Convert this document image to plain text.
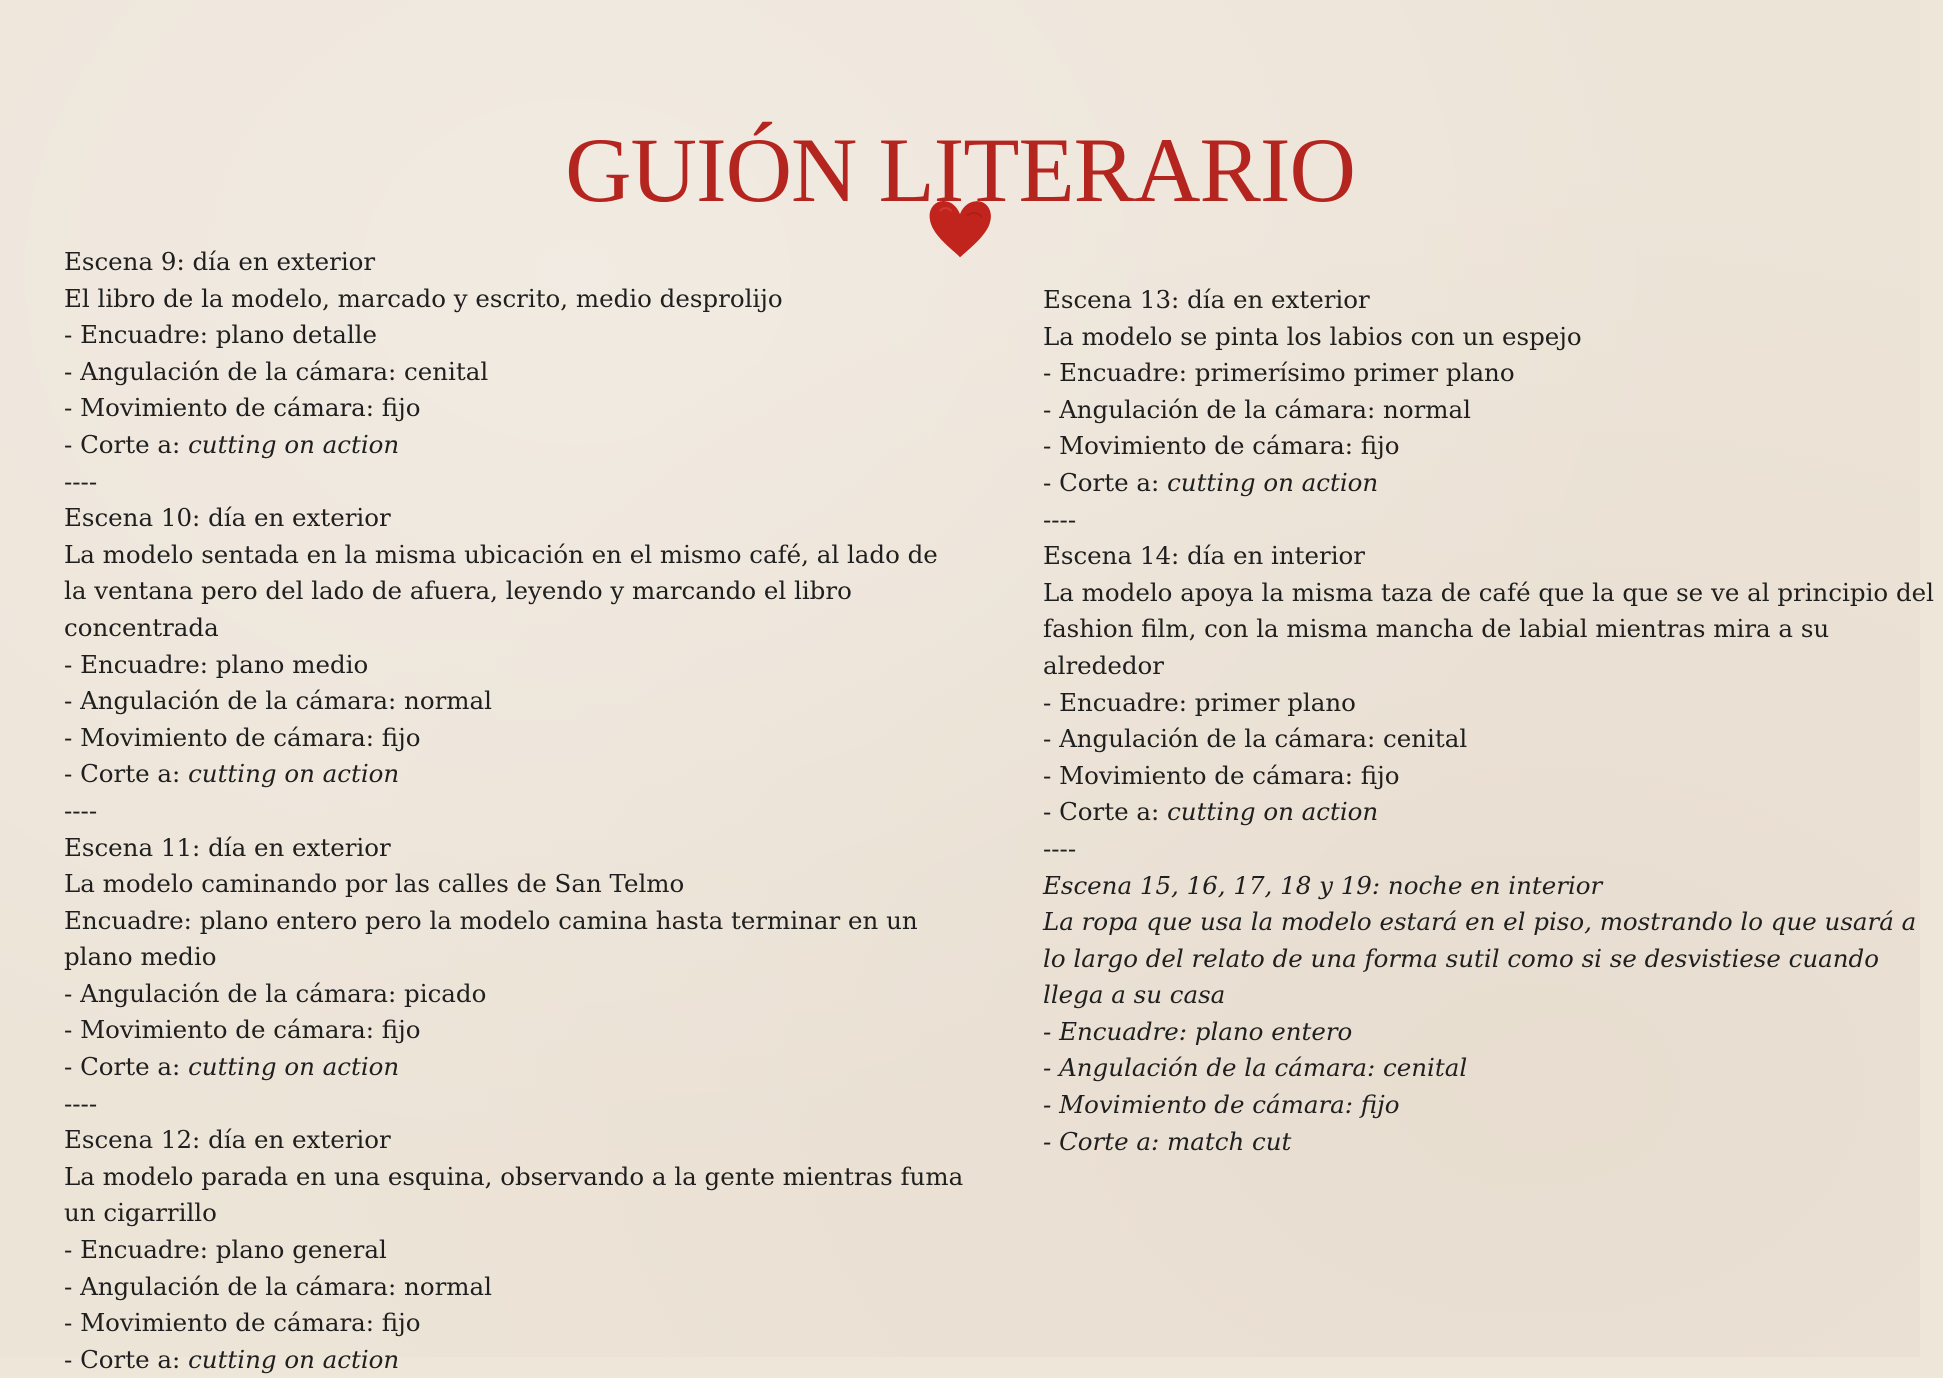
GUIÓN LITERARIO
Escena 9: día en exterior
El libro de la modelo, marcado y escrito, medio desprolijo
- Encuadre: plano detalle
- Angulación de la cámara: cenital
- Movimiento de cámara: fijo
- Corte a: cutting on action
----
Escena 10: día en exterior
La modelo sentada en la misma ubicación en el mismo café, al lado de la ventana pero del lado de afuera, leyendo y marcando el libro concentrada
- Encuadre: plano medio
- Angulación de la cámara: normal
- Movimiento de cámara: fijo
- Corte a: cutting on action
----
Escena 11: día en exterior
La modelo caminando por las calles de San Telmo
Encuadre: plano entero pero la modelo camina hasta terminar en un plano medio
- Angulación de la cámara: picado
- Movimiento de cámara: fijo
- Corte a: cutting on action
----
Escena 12: día en exterior
La modelo parada en una esquina, observando a la gente mientras fuma un cigarrillo
- Encuadre: plano general
- Angulación de la cámara: normal
- Movimiento de cámara: fijo
- Corte a: cutting on action
Escena 13: día en exterior
La modelo se pinta los labios con un espejo
- Encuadre: primerísimo primer plano
- Angulación de la cámara: normal
- Movimiento de cámara: fijo
- Corte a: cutting on action
----
Escena 14: día en interior
La modelo apoya la misma taza de café que la que se ve al principio del fashion film, con la misma mancha de labial mientras mira a su alrededor
- Encuadre: primer plano
- Angulación de la cámara: cenital
- Movimiento de cámara: fijo
- Corte a: cutting on action
----
Escena 15, 16, 17, 18 y 19: noche en interior
La ropa que usa la modelo estará en el piso, mostrando lo que usará a lo largo del relato de una forma sutil como si se desvistiese cuando llega a su casa
- Encuadre: plano entero
- Angulación de la cámara: cenital
- Movimiento de cámara: fijo
- Corte a: match cut
